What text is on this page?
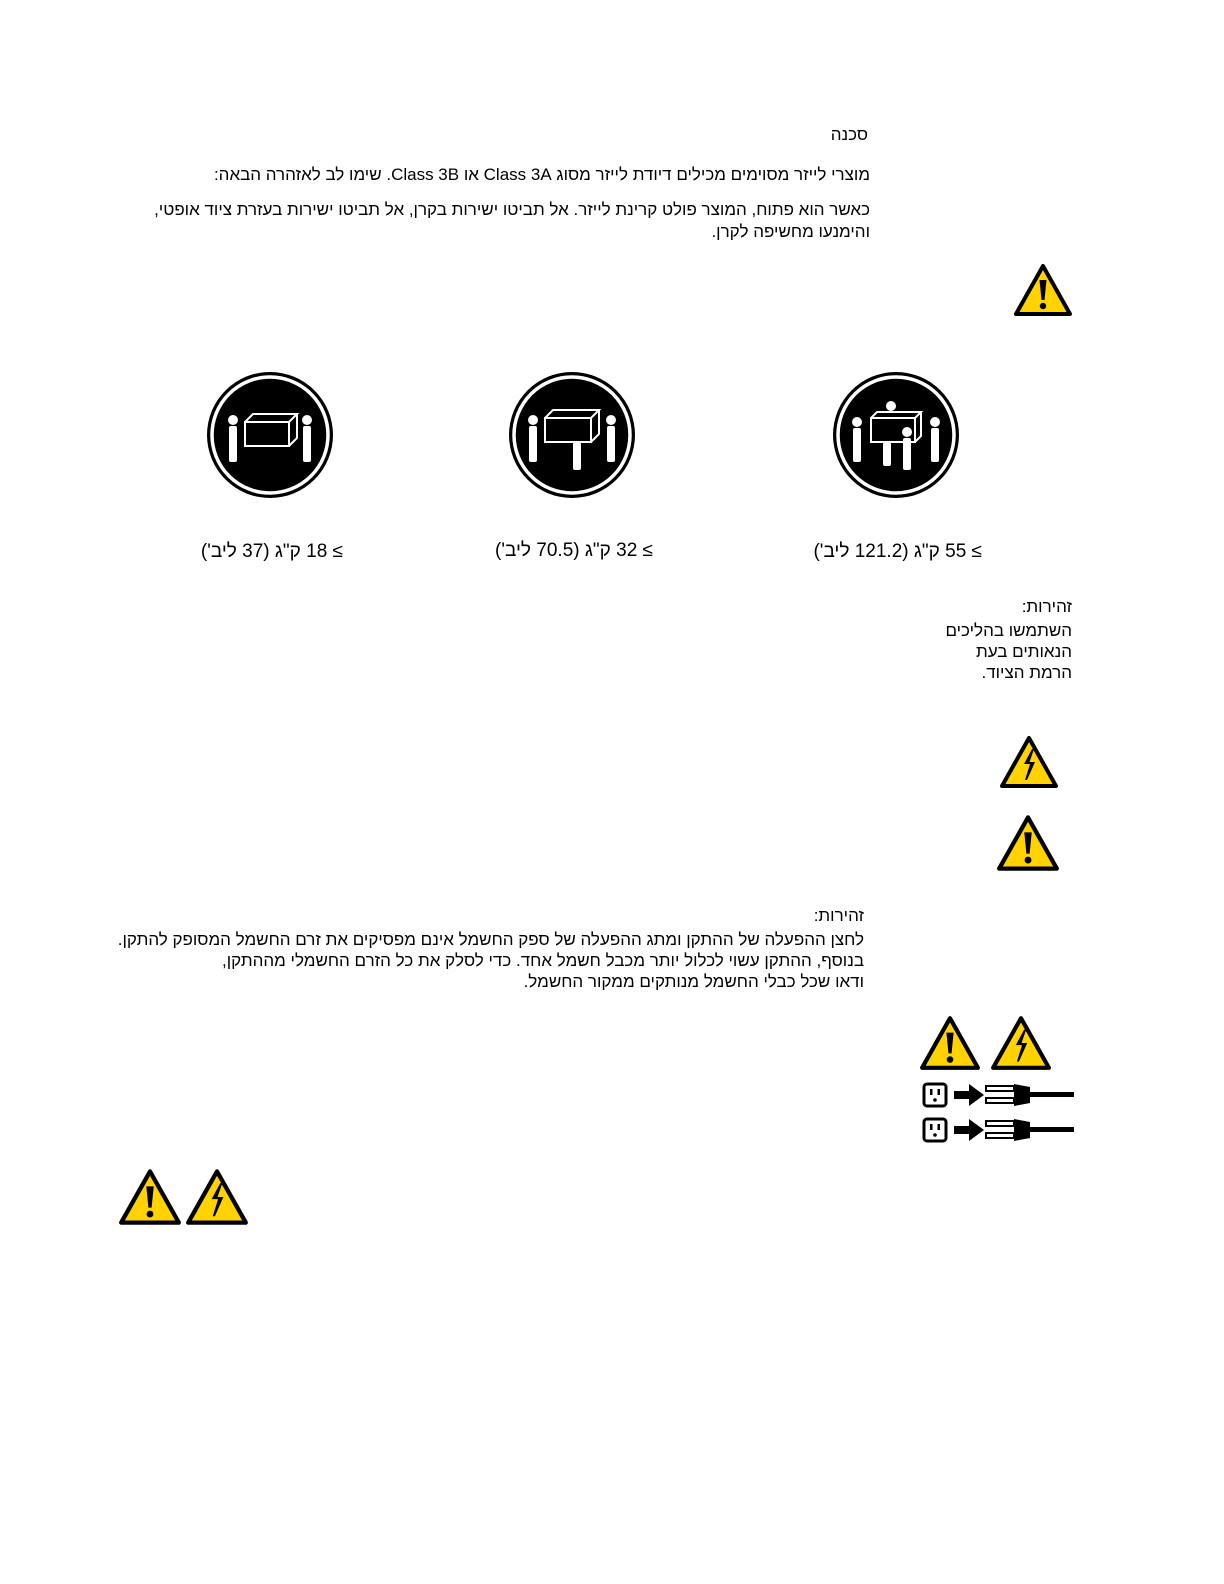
סכנה
מוצרי לייזר מסוימים מכילים דיודת לייזר מסוג Class 3A או Class 3B. שימו לב לאזהרה הבאה:
כאשר הוא פתוח, המוצר פולט קרינת לייזר. אל תביטו ישירות בקרן, אל תביטו ישירות בעזרת ציוד אופטי,
והימנעו מחשיפה לקרן.
≥ 55 ק"ג (121.2 ליב')
≥ 32 ק"ג (70.5 ליב')
≥ 18 ק"ג (37 ליב')
זהירות:
השתמשו בהליכים
הנאותים בעת
הרמת הציוד.
זהירות:
לחצן ההפעלה של ההתקן ומתג ההפעלה של ספק החשמל אינם מפסיקים את זרם החשמל המסופק להתקן.
בנוסף, ההתקן עשוי לכלול יותר מכבל חשמל אחד. כדי לסלק את כל הזרם החשמלי מההתקן,
ודאו שכל כבלי החשמל מנותקים ממקור החשמל.
